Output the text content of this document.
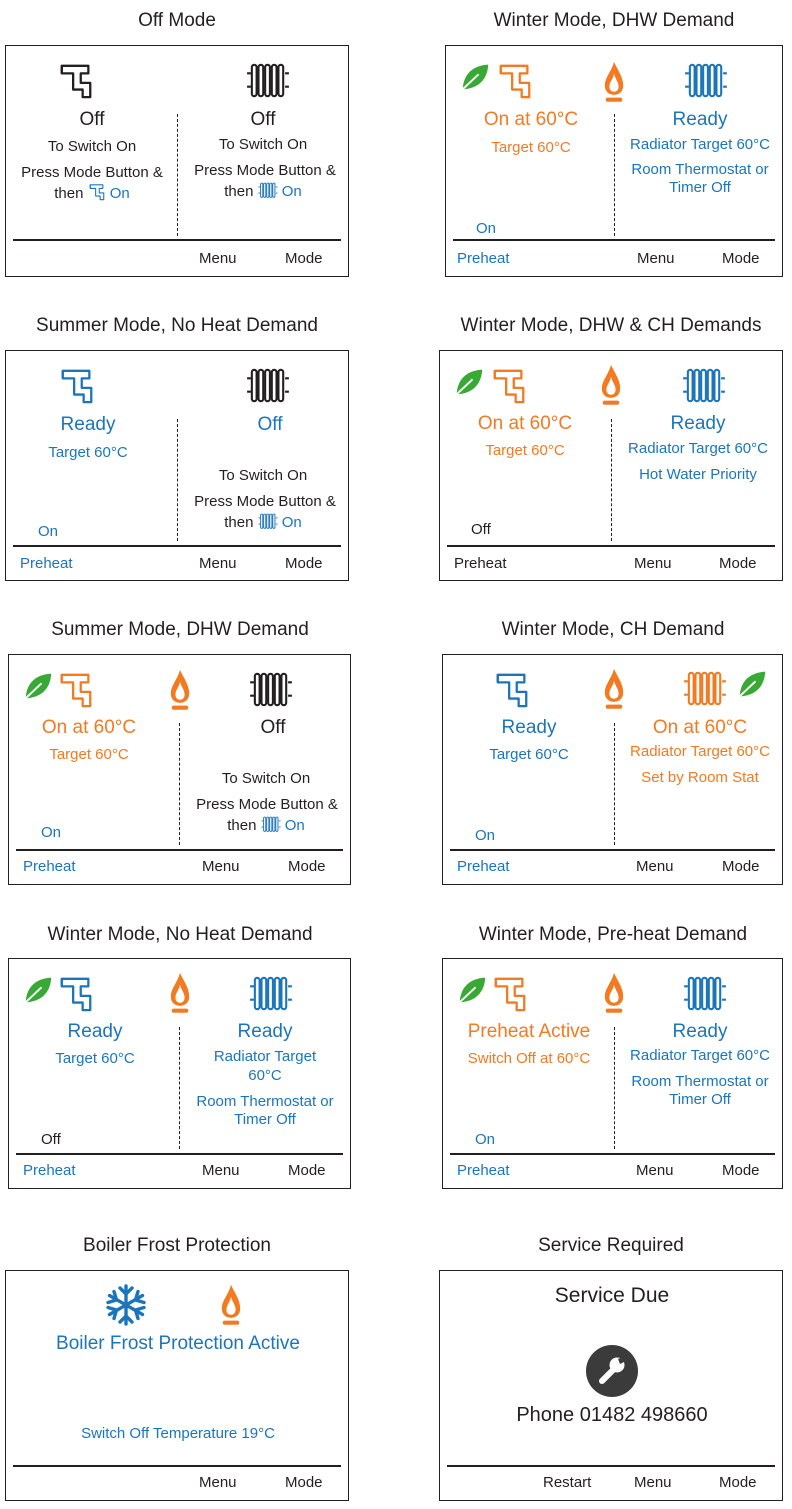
Off Mode
Off
To Switch On
Press Mode Button &
then On
Off
To Switch On
Press Mode Button &
then On
Menu	Mode
Winter Mode, DHW Demand
On at 60°C
Target 60°C
Ready
Radiator Target 60°C
Room Thermostat or
Timer Off
On
Preheat	Menu	Mode
Summer Mode, No Heat Demand
Ready
Target 60°C
Off
To Switch On
Press Mode Button &
then On
On
Preheat	Menu	Mode
Winter Mode, DHW & CH Demands
On at 60°C
Target 60°C
Ready
Radiator Target 60°C
Hot Water Priority
Off
Preheat	Menu	Mode
Summer Mode, DHW Demand
On at 60°C
Target 60°C
Off
To Switch On
Press Mode Button &
then On
On
Preheat	Menu	Mode
Winter Mode, CH Demand
Ready
Target 60°C
On at 60°C
Radiator Target 60°C
Set by Room Stat
On
Preheat	Menu	Mode
Winter Mode, No Heat Demand
Ready
Target 60°C
Ready
Radiator Target
60°C
Room Thermostat or
Timer Off
Off
Preheat	Menu	Mode
Winter Mode, Pre-heat Demand
Preheat Active
Switch Off at 60°C
Ready
Radiator Target 60°C
Room Thermostat or
Timer Off
On
Preheat	Menu	Mode
Boiler Frost Protection
Boiler Frost Protection Active
Switch Off Temperature 19°C
Menu	Mode
Service Required
Service Due
Phone 01482 498660
Restart	Menu	Mode
